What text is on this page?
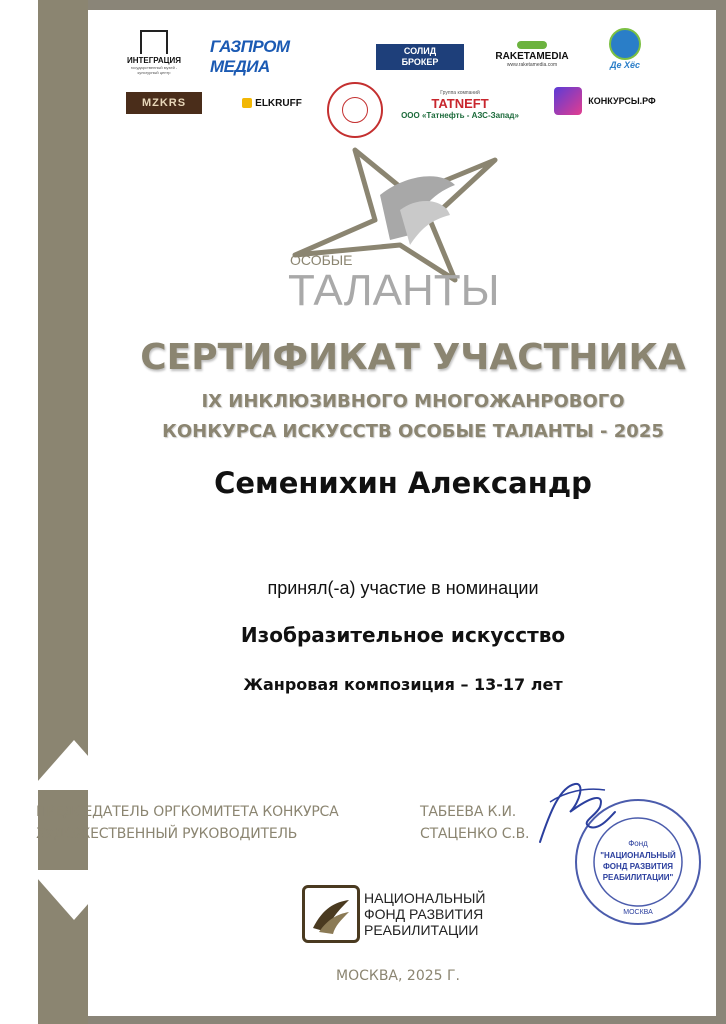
ИНТЕГРАЦИЯ
государственный музей - культурный центр
ГАЗПРОМ МЕДИА
СОЛИД
БРОКЕР
RAKETAMEDIA
www.raketamedia.com	Де Хёс
MZKRS	ELKRUFF
Группа компаний
TATNEFT
ООО «Татнефть - АЗС-Запад»
КОНКУРСЫ.РФ
ОСОБЫЕ
ТАЛАНТЫ
СЕРТИФИКАТ УЧАСТНИКА
IX ИНКЛЮЗИВНОГО МНОГОЖАНРОВОГО
КОНКУРСА ИСКУССТВ ОСОБЫЕ ТАЛАНТЫ - 2025
Семенихин Александр
принял(-а) участие в номинации
Изобразительное искусство
Жанровая композиция – 13-17 лет
ПРЕДСЕДАТЕЛЬ ОРГКОМИТЕТА КОНКУРСА
ХУДОЖЕСТВЕННЫЙ РУКОВОДИТЕЛЬ
ТАБЕЕВА К.И.
СТАЦЕНКО С.В.
Фонд
"НАЦИОНАЛЬНЫЙ
ФОНД РАЗВИТИЯ
РЕАБИЛИТАЦИИ"
МОСКВА
НАЦИОНАЛЬНЫЙ
ФОНД РАЗВИТИЯ
РЕАБИЛИТАЦИИ
МОСКВА, 2025 Г.
